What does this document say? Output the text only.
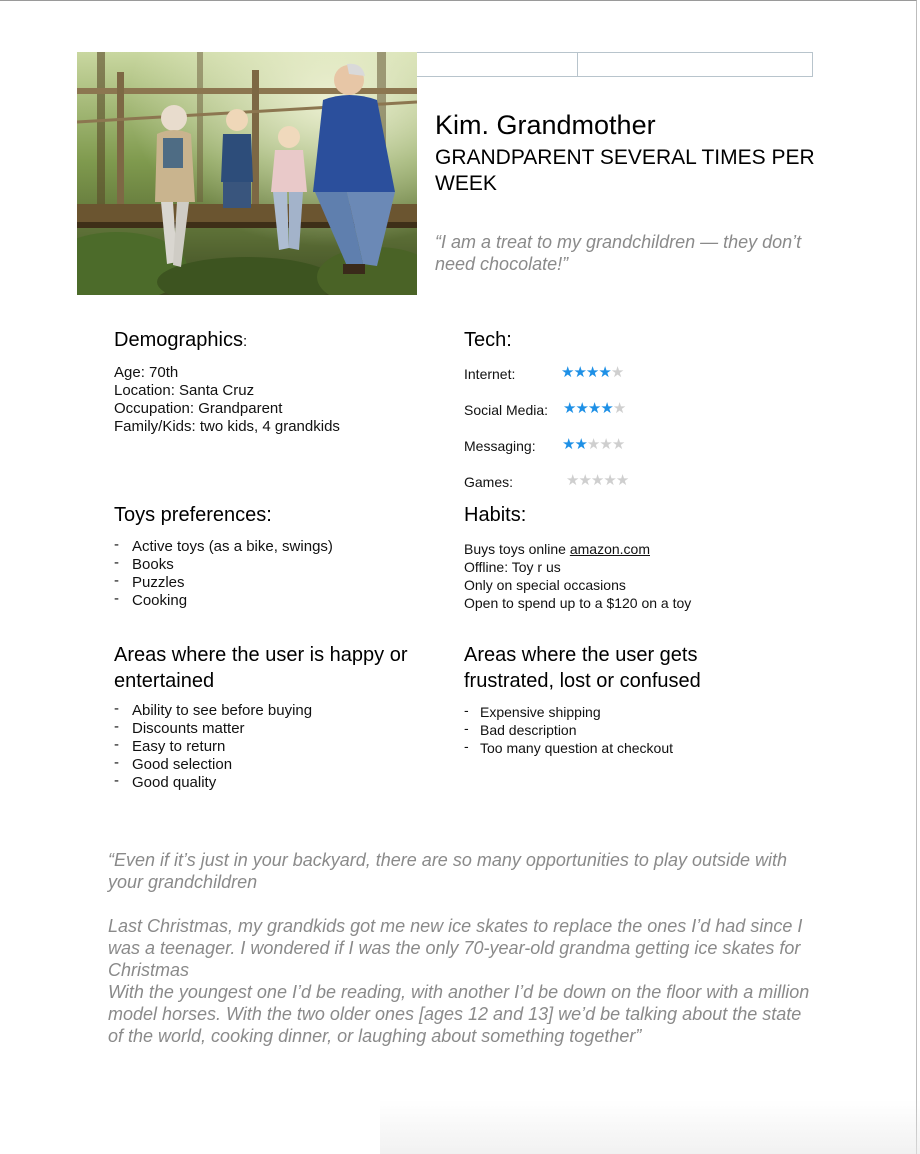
Kim. Grandmother
GRANDPARENT SEVERAL TIMES PER WEEK
“I am a treat to my grandchildren — they don’t need chocolate!”
Demographics:
Age: 70th
Location: Santa Cruz
Occupation: Grandparent
Family/Kids: two kids, 4 grandkids
Tech:
Internet:	★★★★★
Social Media: ★★★★★
Messaging: ★★★★★
Games:	★★★★★
Toys preferences:
- Active toys (as a bike, swings)
- Books
- Puzzles
- Cooking
Habits:
Buys toys online amazon.com
Offline: Toy r us
Only on special occasions
Open to spend up to a $120 on a toy
Areas where the user is happy or entertained
- Ability to see before buying
- Discounts matter
- Easy to return
- Good selection
- Good quality
Areas where the user gets frustrated, lost or confused
- Expensive shipping
- Bad description
- Too many question at checkout

“Even if it’s just in your backyard, there are so many opportunities to play outside with your grandchildren

Last Christmas, my grandkids got me new ice skates to replace the ones I’d had since I was a teenager. I wondered if I was the only 70-year-old grandma getting ice skates for Christmas

With the youngest one I’d be reading, with another I’d be down on the floor with a million model horses. With the two older ones [ages 12 and 13] we’d be talking about the state of the world, cooking dinner, or laughing about something together”
